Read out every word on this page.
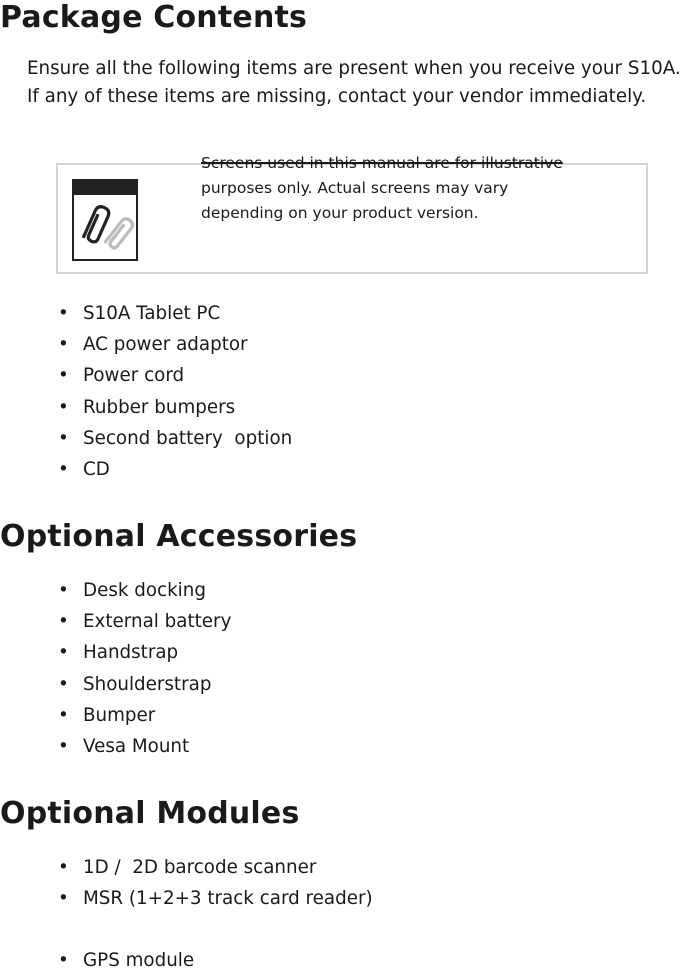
Package Contents

Ensure all the following items are present when you receive your S10A. If any of these items are missing, contact your vendor immediately.

Screens used in this manual are for illustrative
purposes only. Actual screens may vary
depending on your product version.

• S10A Tablet PC
• AC power adaptor
• Power cord
• Rubber bumpers
• Second battery  option
• CD
Optional Accessories
• Desk docking
• External battery
• Handstrap
• Shoulderstrap
• Bumper
• Vesa Mount
Optional Modules
• 1D /  2D barcode scanner
• MSR (1+2+3 track card reader)
• GPS module
